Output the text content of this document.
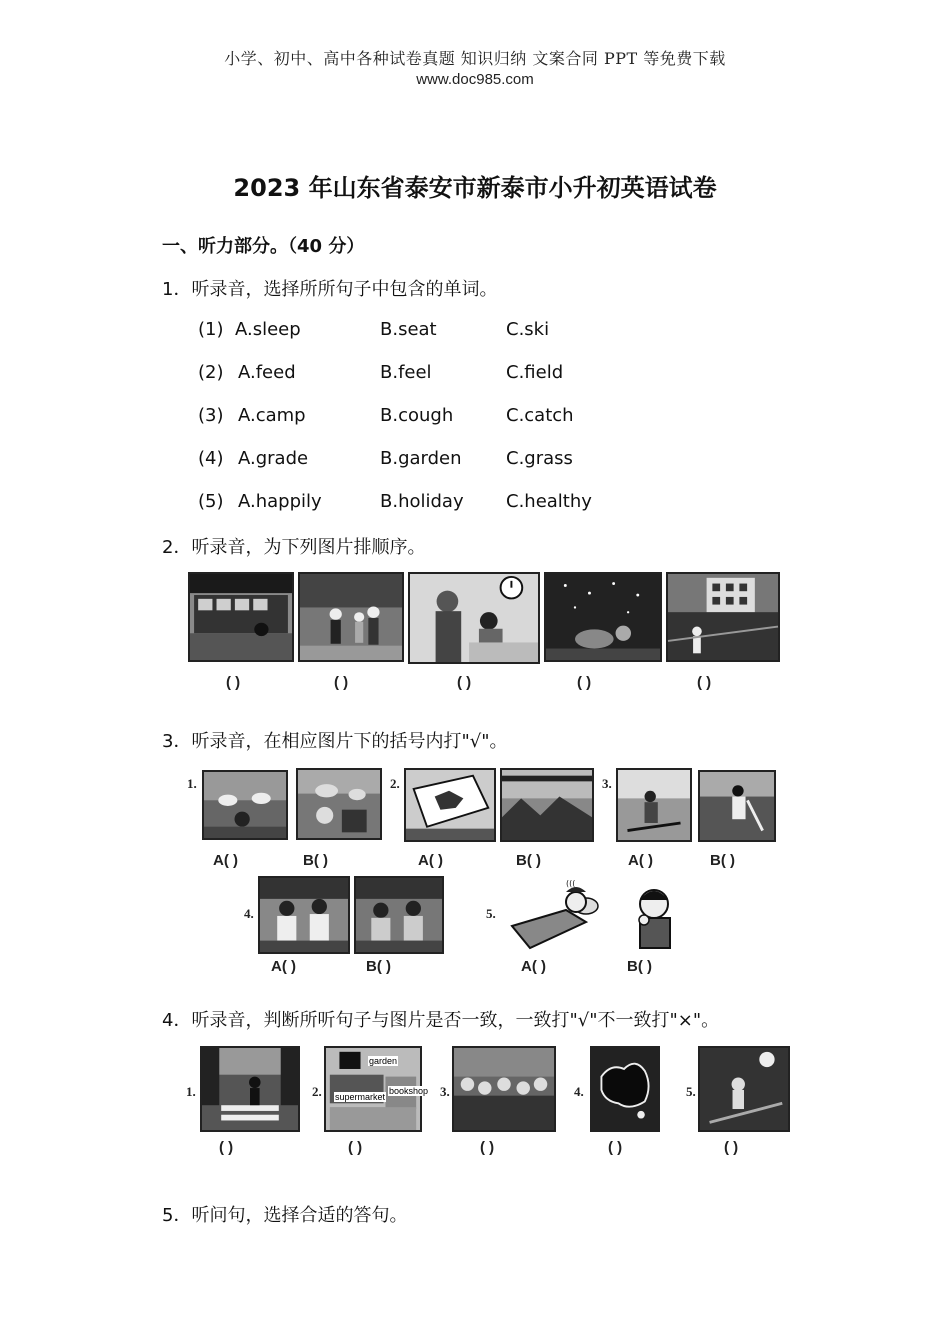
小学、初中、高中各种试卷真题 知识归纳 文案合同 PPT 等免费下载
www.doc985.com
2023 年山东省泰安市新泰市小升初英语试卷
一、听力部分。（40 分）
1．听录音，选择所所句子中包含的单词。
(1) A.sleep	B.seat	C.ski
(2) A.feed	B.feel	C.field
(3) A.camp	B.cough	C.catch
(4) A.grade	B.garden C.grass
(5) A.happily	B.holiday C.healthy
2．听录音，为下列图片排顺序。
( )	( )	( )	( )	( )
3．听录音，在相应图片下的括号内打"√"。
1.
A( )	B( )
2.
A( )	B( )
3.
A( )	B( )
4.
A( )	B( )
5.
(((
A( )	B( )
4．听录音，判断所听句子与图片是否一致，一致打"√"不一致打"×"。
1.	2.
garden
bookshop
supermarket	3.	4.	5.
( )	( )	( )	( )	( )
5．听问句，选择合适的答句。
